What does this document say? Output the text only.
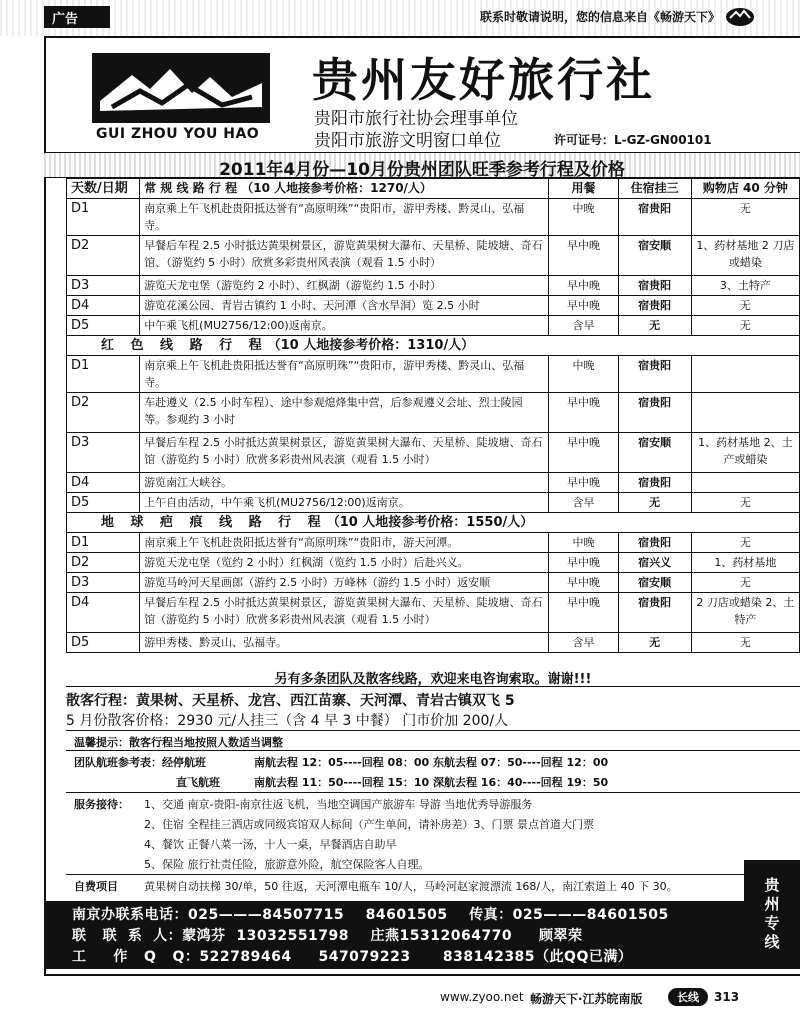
广告	联系时敬请说明，您的信息来自《畅游天下》
GUI ZHOU YOU HAO
贵州友好旅行社
贵阳市旅行社协会理事单位
贵阳市旅游文明窗口单位	许可证号：L-GZ-GN00101
2011年4月份—10月份贵州团队旺季参考行程及价格
天数/日期	常 规 线 路 行 程 （10 人地接参考价格：1270/人）	用餐	住宿挂三	购物店 40 分钟
D1	南京乘上午飞机赴贵阳抵达誉有“高原明珠”“贵阳市，游甲秀楼、黔灵山、弘福寺。	中晚	宿贵阳	无
D2	早餐后车程 2.5 小时抵达黄果树景区，游览黄果树大瀑布、天星桥、陡坡塘、奇石馆、（游览约 5 小时）欣赏多彩贵州风表演（观看 1.5 小时）	早中晚	宿安顺	1、药材基地 2 刀店或蜡染
D3	游览天龙屯堡（游览约 2 小时）、红枫湖（游览约 1.5 小时）	早中晚	宿贵阳	3、土特产
D4	游览花溪公园、青岩古镇约 1 小时、天河潭（含水旱洞）览 2.5 小时	早中晚	宿贵阳	无
D5	中午乘飞机(MU2756/12:00)返南京。	含早	无	无
红 色 线 路 行 程（10 人地接参考价格：1310/人）				
D1	南京乘上午飞机赴贵阳抵达誉有“高原明珠”“贵阳市，游甲秀楼、黔灵山、弘福寺。	中晚	宿贵阳	
D2	车赴遵义（2.5 小时车程）、途中参观熄烽集中营，后参观遵义会址、烈士陵园等。参观约 3 小时	早中晚	宿贵阳	
D3	早餐后车程 2.5 小时抵达黄果树景区，游览黄果树大瀑布、天星桥、陡坡塘、奇石馆（游览约 5 小时）欣赏多彩贵州风表演（观看 1.5 小时）	早中晚	宿安顺	1、药材基地 2、土产或蜡染
D4	游览南江大峡谷。	早中晚	宿贵阳	
D5	上午自由活动，中午乘飞机(MU2756/12:00)返南京。	含早	无	无
地 球 疤 痕 线 路 行 程（10 人地接参考价格：1550/人）				
D1	南京乘上午飞机赴贵阳抵达誉有“高原明珠”“贵阳市，游天河潭。	中晚	宿贵阳	无
D2	游览天龙屯堡（览约 2 小时）红枫湖（览约 1.5 小时）后赴兴义。	早中晚	宿兴义	1、药材基地
D3	游览马岭河天星画郎（游约 2.5 小时）万峰林（游约 1.5 小时）返安顺	早中晚	宿安顺	无
D4	早餐后车程 2.5 小时抵达黄果树景区，游览黄果树大瀑布、天星桥、陡坡塘、奇石馆（游览约 5 小时）欣赏多彩贵州风表演（观看 1.5 小时）	早中晚	宿贵阳	2 刀店或蜡染 2、土特产
D5	游甲秀楼、黔灵山、弘福寺。	含早	无	无
另有多条团队及散客线路，欢迎来电咨询索取。谢谢!!!
散客行程：黄果树、天星桥、龙宫、西江苗寨、天河潭、青岩古镇双飞 5
5 月份散客价格：2930 元/人挂三（含 4 早 3 中餐） 门市价加 200/人
温馨提示：散客行程当地按照人数适当调整
团队航班参考表：经停航班	南航去程 12：05----回程 08：00 东航去程 07：50----回程 12：00
直飞航班	南航去程 11：50----回程 15：10 深航去程 16：40----回程 19：50
服务接待： 1、交通 南京-贵阳-南京往返飞机，当地空调国产旅游车 导游 当地优秀导游服务
2、住宿 全程挂三酒店或同级宾馆双人标间（产生单间，请补房差）3、门票 景点首道大门票
4、餐饮 正餐八菜一汤，十人一桌，早餐酒店自助早
5、保险 旅行社责任险，旅游意外险，航空保险客人自理。
自费项目 黄果树自动扶梯 30/单，50 往返，天河潭电瓶车 10/人，马岭河赵家渡漂流 168/人，南江索道上 40 下 30。
南京办联系电话：025———84507715    84601505    传真：025———84601505
联   联  系  人：蒙鸿芬  13032551798    庄燕15312064770     顾翠荣
工     作   Q   Q：522789464     547079223      838142385（此QQ已满）
贵州专线
www.zyoo.net 畅游天下·江苏皖南版	长线	313
